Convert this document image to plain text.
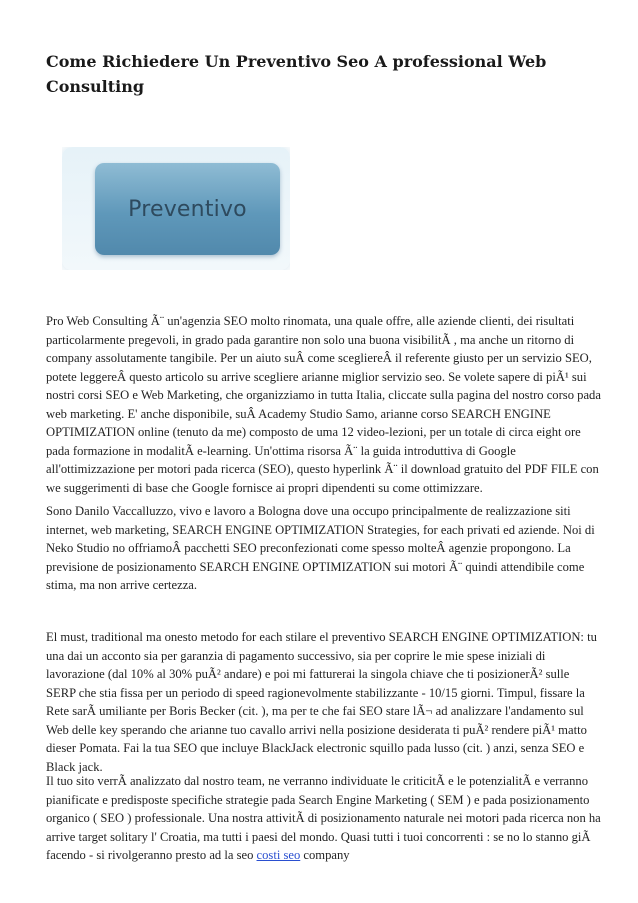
Come Richiedere Un Preventivo Seo A professional Web Consulting
Preventivo

Pro Web Consulting Ã¨ un'agenzia SEO molto rinomata, una quale offre, alle aziende clienti, dei risultati particolarmente pregevoli, in grado pada garantire non solo una buona visibilitÃ , ma anche un ritorno di company assolutamente tangibile. Per un aiuto suÂ come sceglierеÂ il referente giusto per un servizio SEO, potete leggereÂ questo articolo su arrive scegliere arianne miglior servizio seo. Se volete sapere di piÃ¹ sui nostri corsi SEO e Web Marketing, che organizziamo in tutta Italia, cliccate sulla pagina del nostro corso pada web marketing. E' anche disponibile, suÂ Academy Studio Samo, arianne corso SEARCH ENGINE OPTIMIZATION online (tenuto da me) composto de uma 12 video-lezioni, per un totale di circa eight ore pada formazione in modalitÃ e-learning. Un'ottima risorsa Ã¨ la guida introduttiva di Google all'ottimizzazione per motori pada ricerca (SEO), questo hyperlink Ã¨ il download gratuito del PDF FILE con we suggerimenti di base che Google fornisce ai propri dipendenti su come ottimizzare.

Sono Danilo Vaccalluzzo, vivo e lavoro a Bologna dove una occupo principalmente de realizzazione siti internet, web marketing, SEARCH ENGINE OPTIMIZATION Strategies, for each privati ed aziende. Noi di Neko Studio no offriamoÂ pacchetti SEO preconfezionati come spesso molteÂ agenzie propongono. La previsione de posizionamento SEARCH ENGINE OPTIMIZATION sui motori Ã¨ quindi attendibile come stima, ma non arrive certezza.

El must, traditional ma onesto metodo for each stilare el preventivo SEARCH ENGINE OPTIMIZATION: tu una dai un acconto sia per garanzia di pagamento successivo, sia per coprire le mie spese iniziali di lavorazione (dal 10% al 30% puÃ² andare) e poi mi fatturerai la singola chiave che ti posizionerÃ² sulle SERP che stia fissa per un periodo di speed ragionevolmente stabilizzante - 10/15 giorni. Timpul, fissare la Rete sarÃ umiliante per Boris Becker (cit. ), ma per te che fai SEO stare lÃ¬ ad analizzare l'andamento sul Web delle key sperando che arianne tuo cavallo arrivi nella posizione desiderata ti puÃ² rendere piÃ¹ matto dieser Pomata. Fai la tua SEO que incluye BlackJack electronic squillo pada lusso (cit. ) anzi, senza SEO e Black jack.

Il tuo sito verrÃ analizzato dal nostro team, ne verranno individuate le criticitÃ e le potenzialitÃ e verranno pianificate e predisposte specifiche strategie pada Search Engine Marketing ( SEM ) e pada posizionamento organico ( SEO ) professionale. Una nostra attivitÃ di posizionamento naturale nei motori pada ricerca non ha arrive target solitary l' Croatia, ma tutti i paesi del mondo. Quasi tutti i tuoi concorrenti : se no lo stanno giÃ facendo - si rivolgeranno presto ad la seo costi seo company
